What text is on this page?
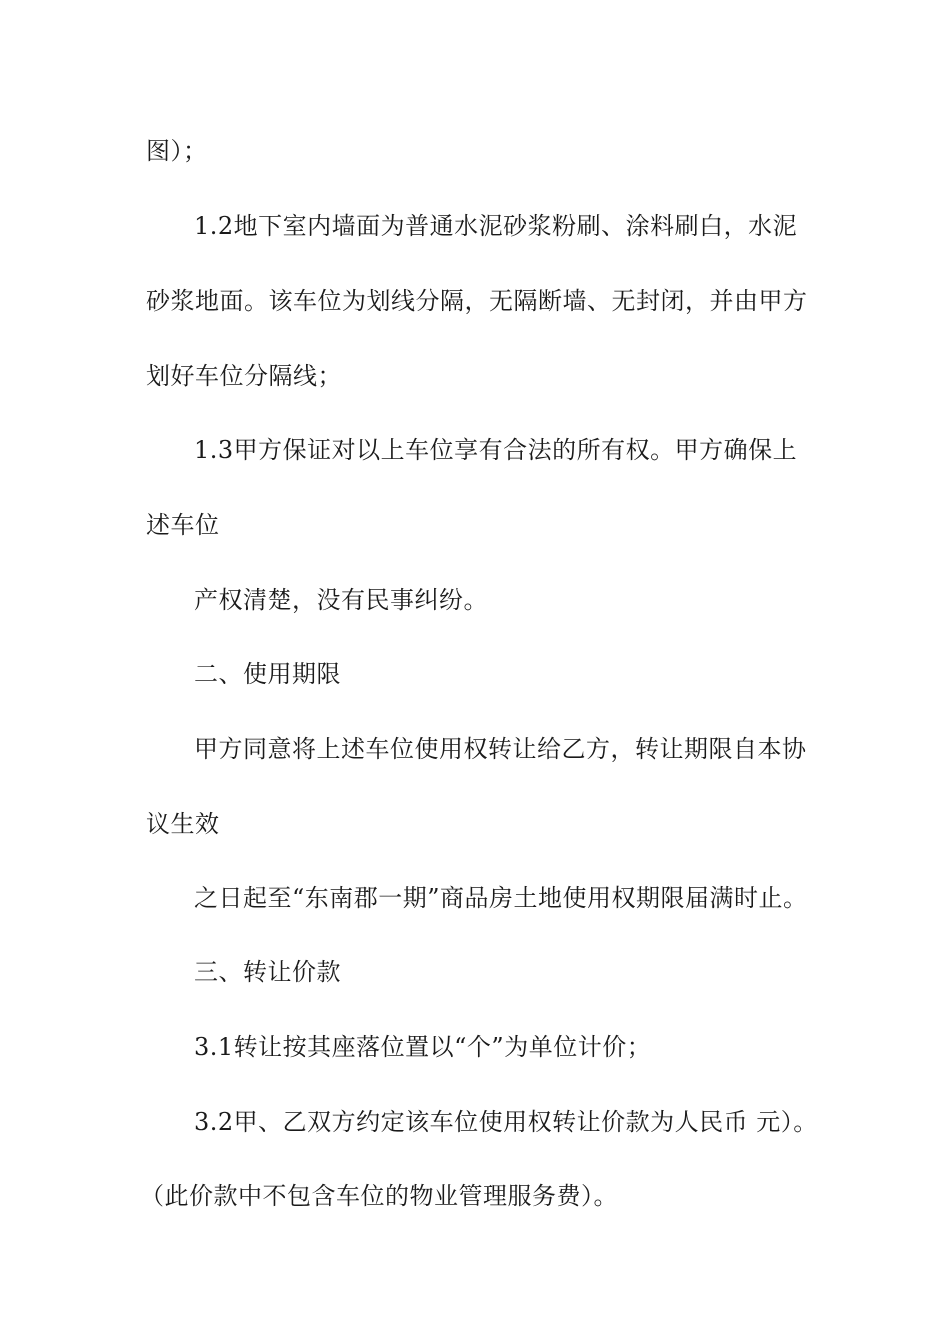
图）；
1.2地下室内墙面为普通水泥砂浆粉刷、涂料刷白，水泥
砂浆地面。该车位为划线分隔，无隔断墙、无封闭，并由甲方
划好车位分隔线；
1.3甲方保证对以上车位享有合法的所有权。甲方确保上
述车位
产权清楚，没有民事纠纷。
二、使用期限
甲方同意将上述车位使用权转让给乙方，转让期限自本协
议生效
之日起至“东南郡一期”商品房土地使用权期限届满时止。
三、转让价款
3.1转让按其座落位置以“个”为单位计价；
3.2甲、乙双方约定该车位使用权转让价款为人民币 元）。
（此价款中不包含车位的物业管理服务费）。
